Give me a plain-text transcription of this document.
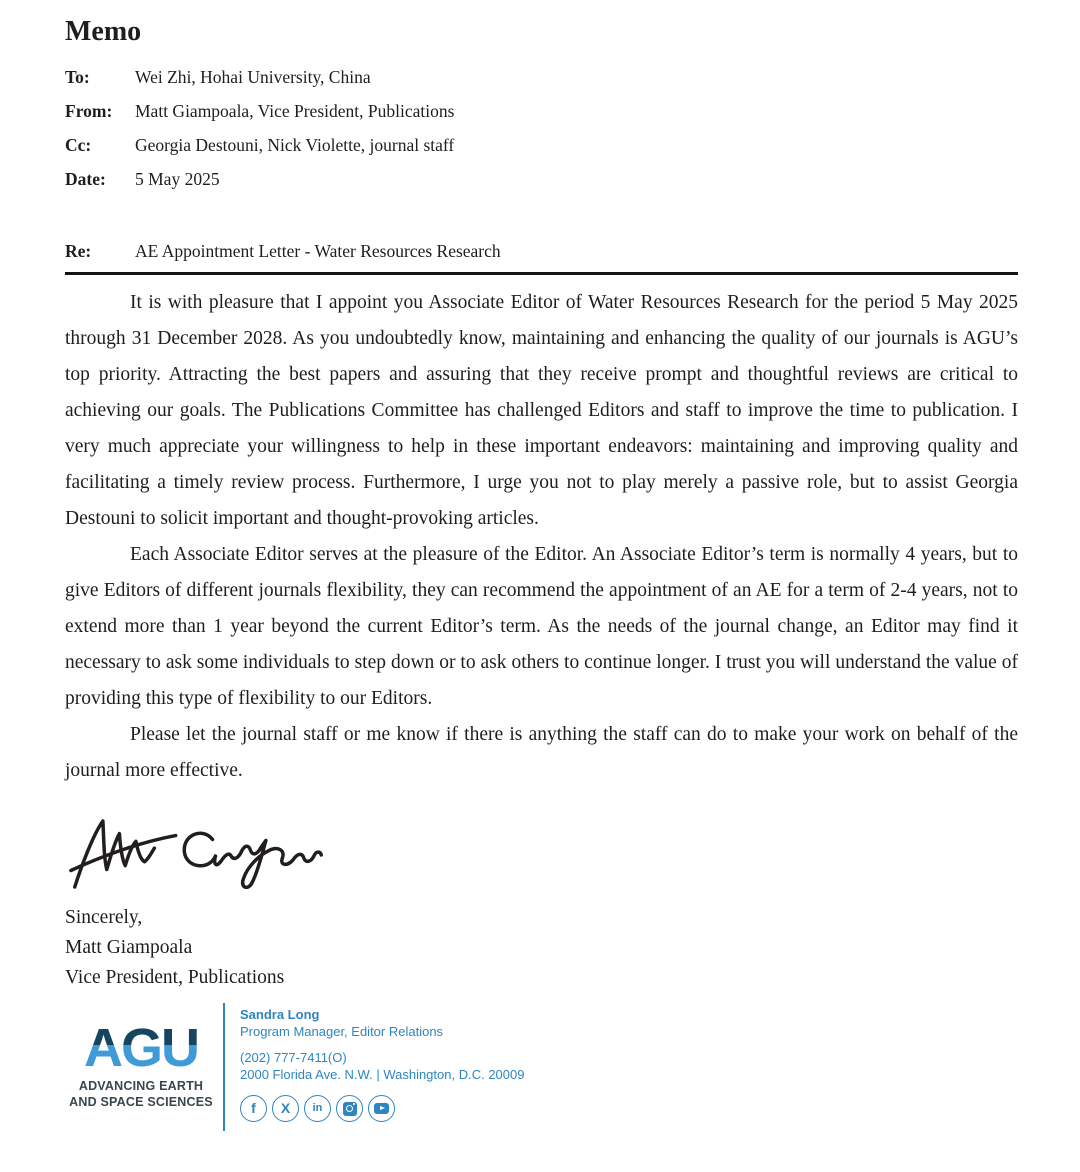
Memo
To:	Wei Zhi, Hohai University, China
From:	Matt Giampoala, Vice President, Publications
Cc:	Georgia Destouni, Nick Violette, journal staff
Date:	5 May 2025
Re:	AE Appointment Letter - Water Resources Research

It is with pleasure that I appoint you Associate Editor of Water Resources Research for the period 5 May 2025 through 31 December 2028. As you undoubtedly know, maintaining and enhancing the quality of our journals is AGU’s top priority. Attracting the best papers and assuring that they receive prompt and thoughtful reviews are critical to achieving our goals. The Publications Committee has challenged Editors and staff to improve the time to publication. I very much appreciate your willingness to help in these important endeavors: maintaining and improving quality and facilitating a timely review process. Furthermore, I urge you not to play merely a passive role, but to assist Georgia Destouni to solicit important and thought-provoking articles.

Each Associate Editor serves at the pleasure of the Editor. An Associate Editor’s term is normally 4 years, but to give Editors of different journals flexibility, they can recommend the appointment of an AE for a term of 2-4 years, not to extend more than 1 year beyond the current Editor’s term. As the needs of the journal change, an Editor may find it necessary to ask some individuals to step down or to ask others to continue longer. I trust you will understand the value of providing this type of flexibility to our Editors.

Please let the journal staff or me know if there is anything the staff can do to make your work on behalf of the journal more effective.

Sincerely,
Matt Giampoala
Vice President, Publications
AGU
ADVANCING EARTH
AND SPACE SCIENCES
Sandra Long
Program Manager, Editor Relations
(202) 777-7411(O)
2000 Florida Ave. N.W. | Washington, D.C. 20009
f X in
